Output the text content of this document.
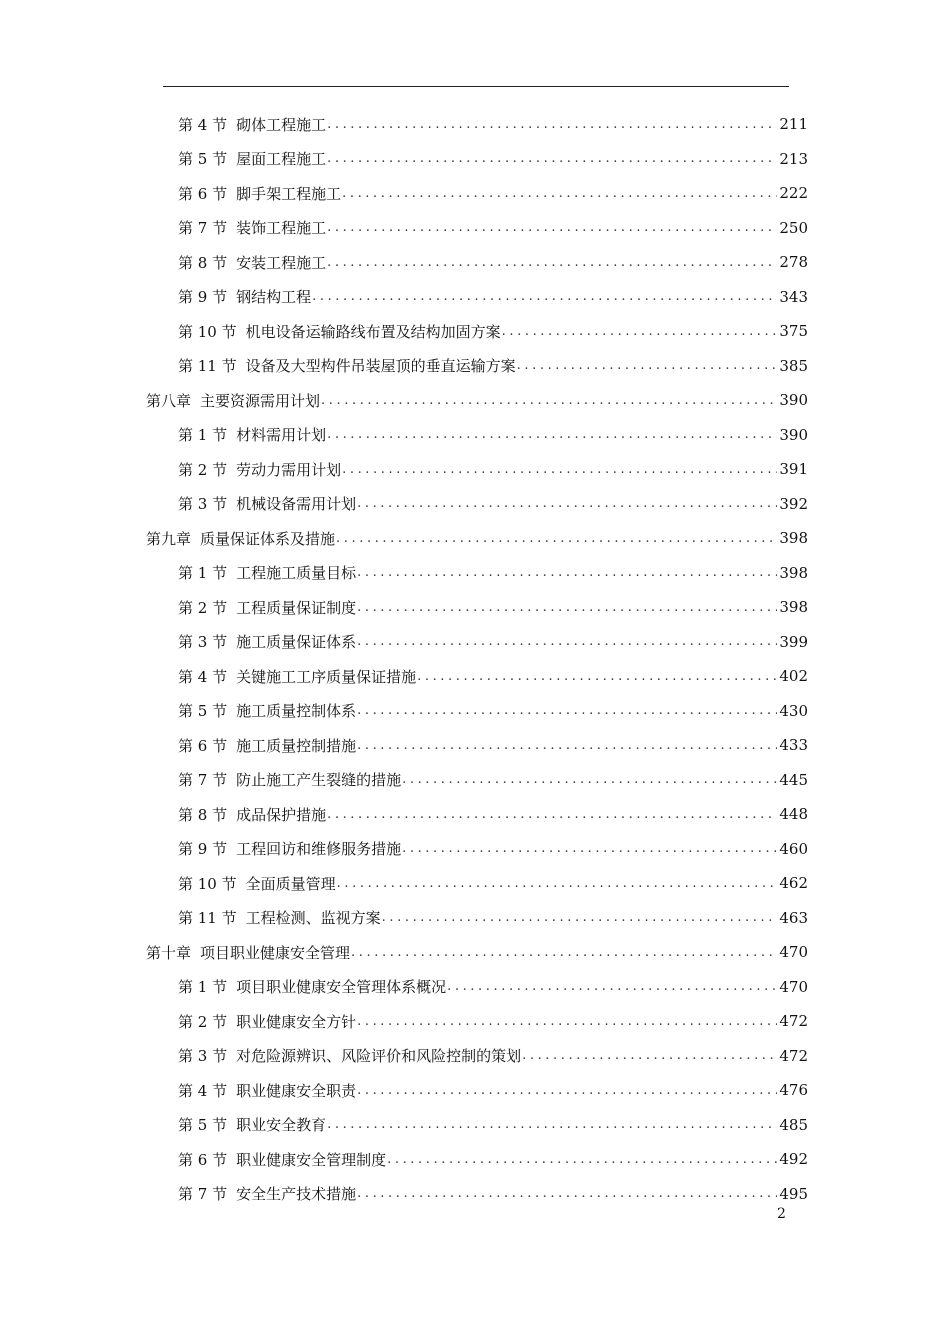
第 4 节 砌体工程施工 .....	211
第 5 节 屋面工程施工 .....	213
第 6 节 脚手架工程施工 .....	222
第 7 节 装饰工程施工 .....	250
第 8 节 安装工程施工 .....	278
第 9 节 钢结构工程 .....	343
第 10 节 机电设备运输路线布置及结构加固方案 .....	375
第 11 节 设备及大型构件吊装屋顶的垂直运输方案 .....	385
第八章 主要资源需用计划 .....	390
第 1 节 材料需用计划 .....	390
第 2 节 劳动力需用计划 .....	391
第 3 节 机械设备需用计划 .....	392
第九章 质量保证体系及措施 .....	398
第 1 节 工程施工质量目标 .....	398
第 2 节 工程质量保证制度 .....	398
第 3 节 施工质量保证体系 .....	399
第 4 节 关键施工工序质量保证措施 .....	402
第 5 节 施工质量控制体系 .....	430
第 6 节 施工质量控制措施 .....	433
第 7 节 防止施工产生裂缝的措施 .....	445
第 8 节 成品保护措施 .....	448
第 9 节 工程回访和维修服务措施 .....	460
第 10 节 全面质量管理 .....	462
第 11 节 工程检测、监视方案 .....	463
第十章 项目职业健康安全管理 .....	470
第 1 节 项目职业健康安全管理体系概况 .....	470
第 2 节 职业健康安全方针 .....	472
第 3 节 对危险源辨识、风险评价和风险控制的策划 .....	472
第 4 节 职业健康安全职责 .....	476
第 5 节 职业安全教育 .....	485
第 6 节 职业健康安全管理制度 .....	492
第 7 节 安全生产技术措施 .....	495
2
